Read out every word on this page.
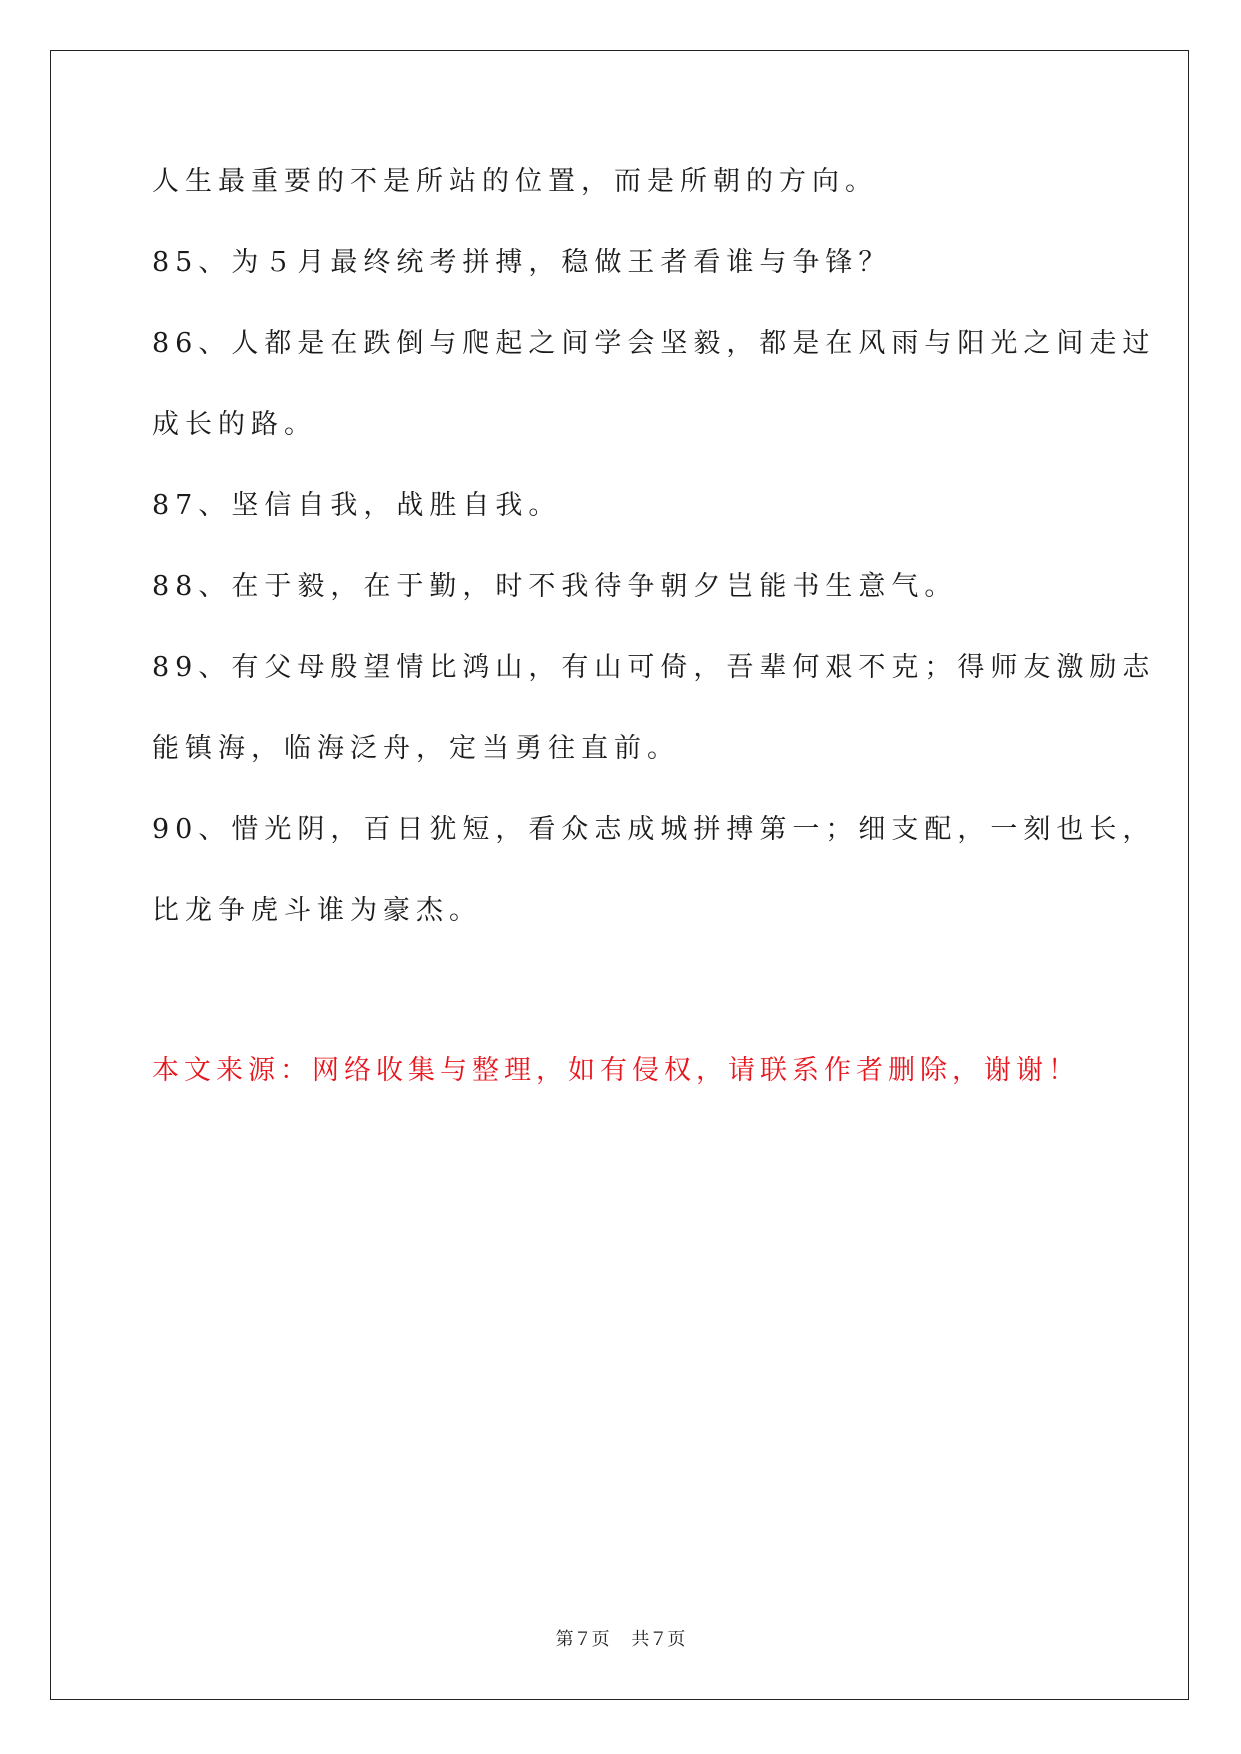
人生最重要的不是所站的位置，而是所朝的方向。
85、为５月最终统考拼搏，稳做王者看谁与争锋？
86、人都是在跌倒与爬起之间学会坚毅，都是在风雨与阳光之间走过
成长的路。
87、坚信自我，战胜自我。
88、在于毅，在于勤，时不我待争朝夕岂能书生意气。
89、有父母殷望情比鸿山，有山可倚，吾辈何艰不克；得师友激励志
能镇海，临海泛舟，定当勇往直前。
90、惜光阴，百日犹短，看众志成城拼搏第一；细支配，一刻也长，
比龙争虎斗谁为豪杰。
本文来源：网络收集与整理，如有侵权，请联系作者删除，谢谢！
第７页 共７页
